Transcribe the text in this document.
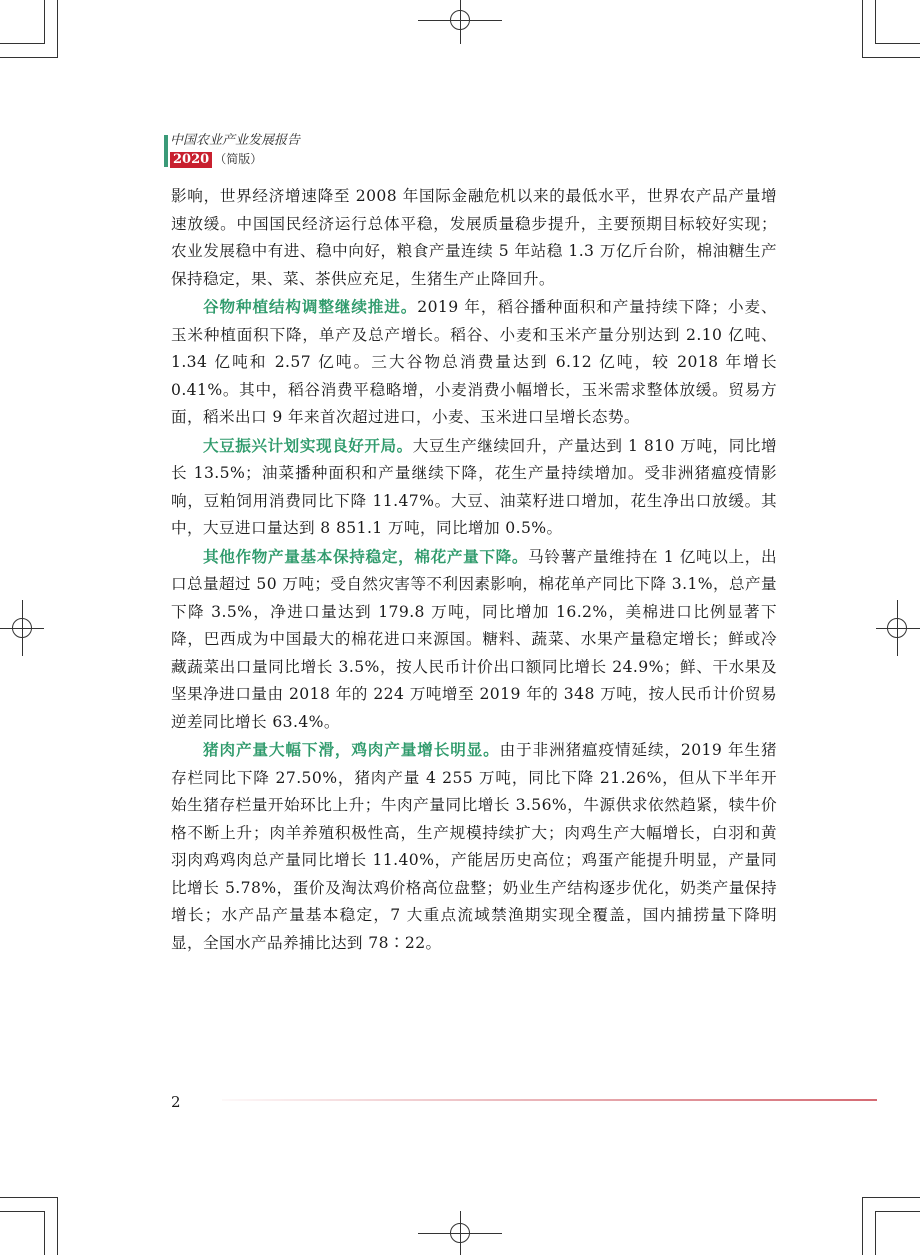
中国农业产业发展报告
2020 （简版）

影响，世界经济增速降至 2008 年国际金融危机以来的最低水平，世界农产品产量增速放缓。中国国民经济运行总体平稳，发展质量稳步提升，主要预期目标较好实现；农业发展稳中有进、稳中向好，粮食产量连续 5 年站稳 1.3 万亿斤台阶，棉油糖生产保持稳定，果、菜、茶供应充足，生猪生产止降回升。

谷物种植结构调整继续推进。2019 年，稻谷播种面积和产量持续下降；小麦、玉米种植面积下降，单产及总产增长。稻谷、小麦和玉米产量分别达到 2.10 亿吨、1.34 亿吨和 2.57 亿吨。三大谷物总消费量达到 6.12 亿吨，较 2018 年增长 0.41%。其中，稻谷消费平稳略增，小麦消费小幅增长，玉米需求整体放缓。贸易方面，稻米出口 9 年来首次超过进口，小麦、玉米进口呈增长态势。

大豆振兴计划实现良好开局。大豆生产继续回升，产量达到 1 810 万吨，同比增长 13.5%；油菜播种面积和产量继续下降，花生产量持续增加。受非洲猪瘟疫情影响，豆粕饲用消费同比下降 11.47%。大豆、油菜籽进口增加，花生净出口放缓。其中，大豆进口量达到 8 851.1 万吨，同比增加 0.5%。

其他作物产量基本保持稳定，棉花产量下降。马铃薯产量维持在 1 亿吨以上，出口总量超过 50 万吨；受自然灾害等不利因素影响，棉花单产同比下降 3.1%，总产量下降 3.5%，净进口量达到 179.8 万吨，同比增加 16.2%，美棉进口比例显著下降，巴西成为中国最大的棉花进口来源国。糖料、蔬菜、水果产量稳定增长；鲜或冷藏蔬菜出口量同比增长 3.5%，按人民币计价出口额同比增长 24.9%；鲜、干水果及坚果净进口量由 2018 年的 224 万吨增至 2019 年的 348 万吨，按人民币计价贸易逆差同比增长 63.4%。

猪肉产量大幅下滑，鸡肉产量增长明显。由于非洲猪瘟疫情延续，2019 年生猪存栏同比下降 27.50%，猪肉产量 4 255 万吨，同比下降 21.26%，但从下半年开始生猪存栏量开始环比上升；牛肉产量同比增长 3.56%，牛源供求依然趋紧，犊牛价格不断上升；肉羊养殖积极性高，生产规模持续扩大；肉鸡生产大幅增长，白羽和黄羽肉鸡鸡肉总产量同比增长 11.40%，产能居历史高位；鸡蛋产能提升明显，产量同比增长 5.78%，蛋价及淘汰鸡价格高位盘整；奶业生产结构逐步优化，奶类产量保持增长；水产品产量基本稳定，7 大重点流域禁渔期实现全覆盖，国内捕捞量下降明显，全国水产品养捕比达到 78∶22。

2
